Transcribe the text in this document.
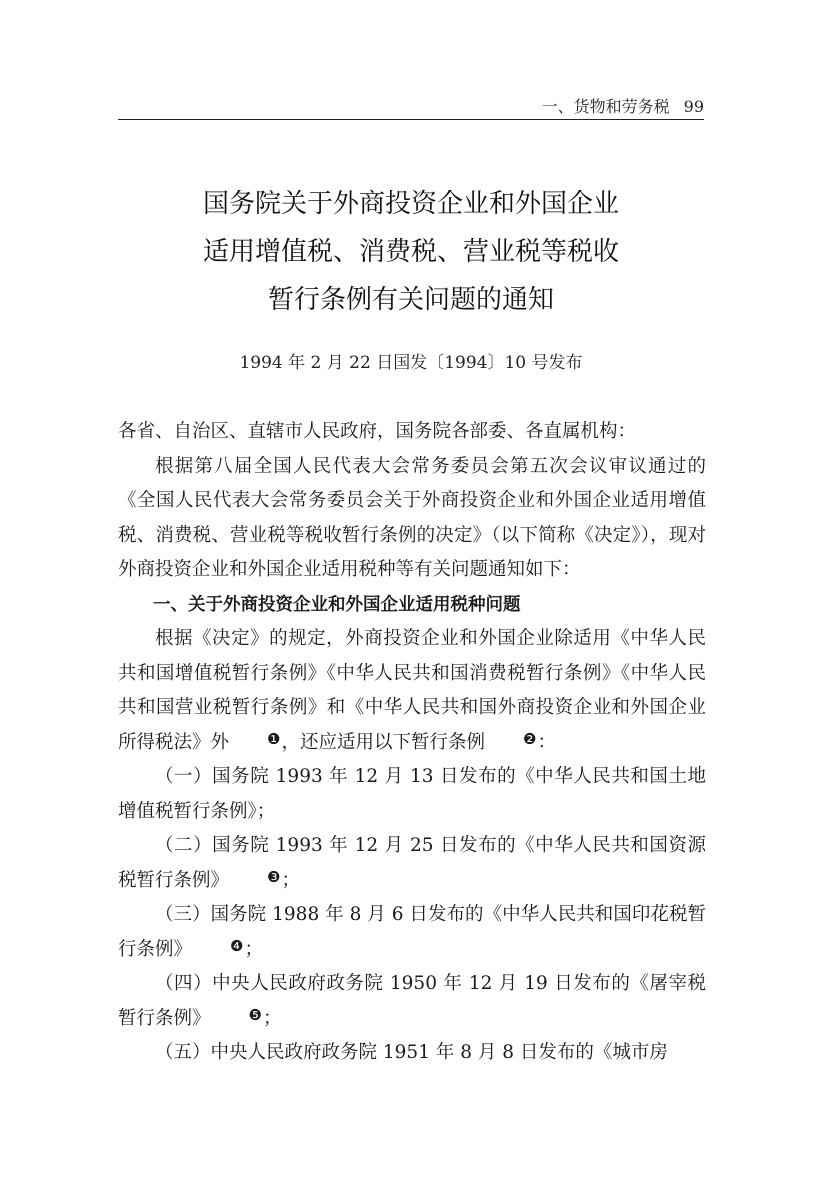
一、货物和劳务税 99
国务院关于外商投资企业和外国企业
适用增值税、消费税、营业税等税收
暂行条例有关问题的通知
1994 年 2 月 22 日国发〔1994〕10 号发布

各省、自治区、直辖市人民政府，国务院各部委、各直属机构：

根据第八届全国人民代表大会常务委员会第五次会议审议通过的《全国人民代表大会常务委员会关于外商投资企业和外国企业适用增值税、消费税、营业税等税收暂行条例的决定》（以下简称《决定》），现对外商投资企业和外国企业适用税种等有关问题通知如下：

一、关于外商投资企业和外国企业适用税种问题

根据《决定》的规定，外商投资企业和外国企业除适用《中华人民共和国增值税暂行条例》《中华人民共和国消费税暂行条例》《中华人民共和国营业税暂行条例》和《中华人民共和国外商投资企业和外国企业所得税法》外	❶，还应适用以下暂行条例	❷：

（一）国务院 1993 年 12 月 13 日发布的《中华人民共和国土地增值税暂行条例》；

（二）国务院 1993 年 12 月 25 日发布的《中华人民共和国资源税暂行条例》	❸；

（三）国务院 1988 年 8 月 6 日发布的《中华人民共和国印花税暂行条例》	❹；

（四）中央人民政府政务院 1950 年 12 月 19 日发布的《屠宰税暂行条例》	❺；

（五）中央人民政府政务院 1951 年 8 月 8 日发布的《城市房
